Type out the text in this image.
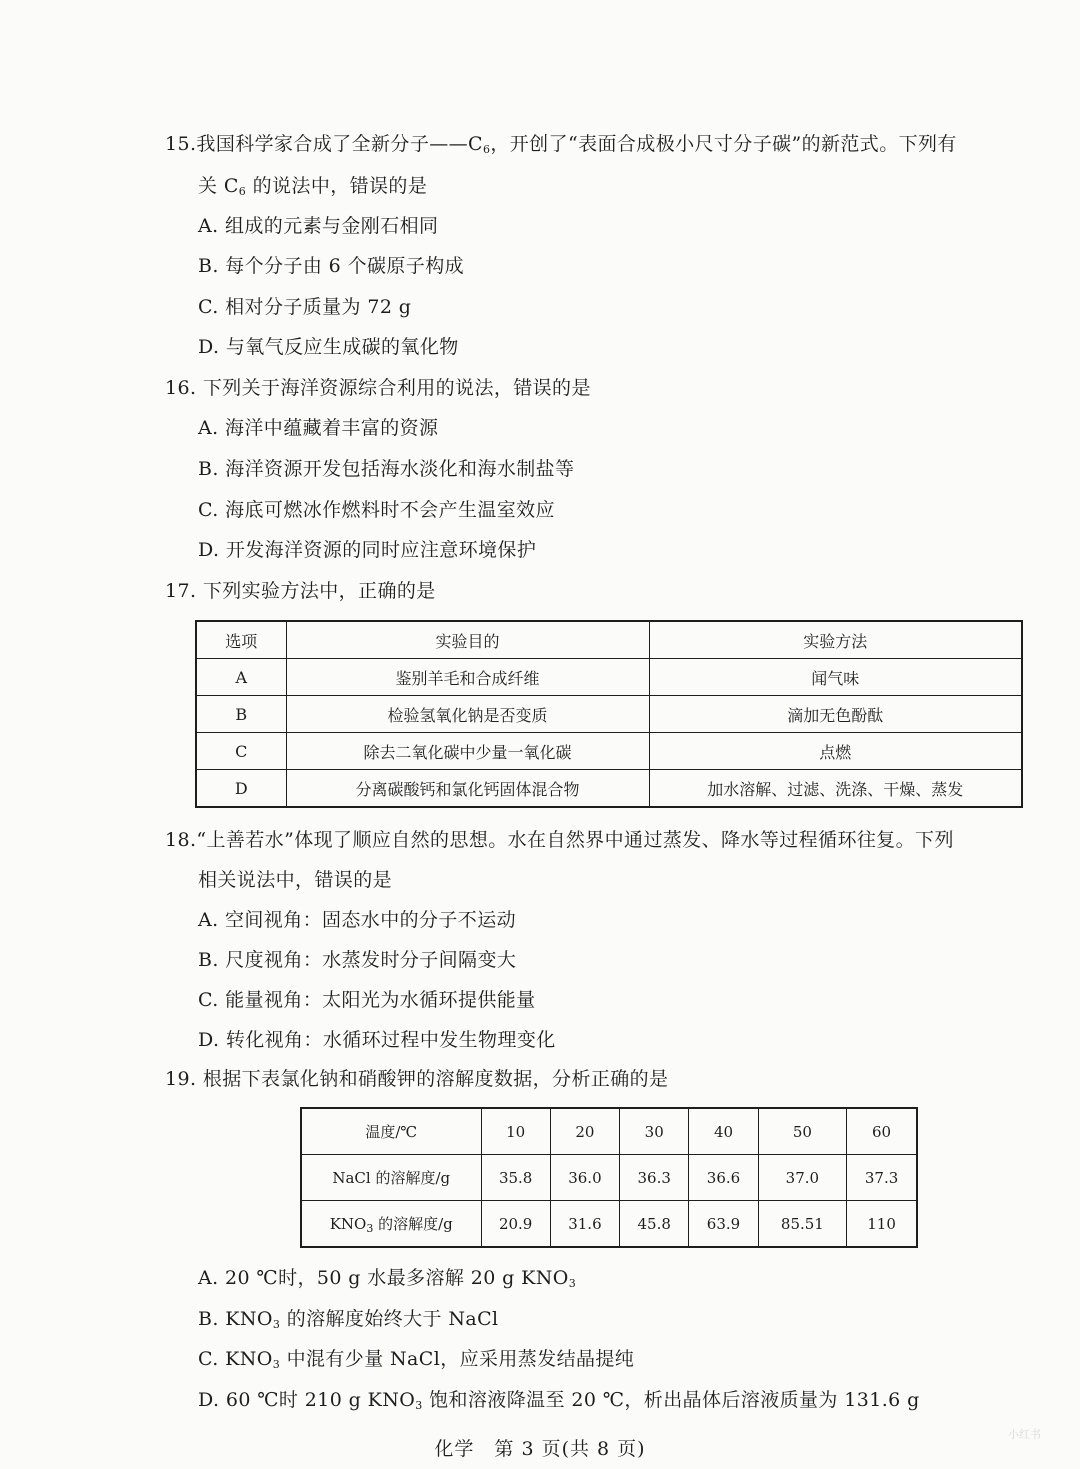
15.我国科学家合成了全新分子$——C_6$，开创了“表面合成极小尺寸分子碳”的新范式。下列有
关 $C_6$ 的说法中，错误的是
A. 组成的元素与金刚石相同
B. 每个分子由 6 个碳原子构成
C. 相对分子质量为 72 g
D. 与氧气反应生成碳的氧化物
16. 下列关于海洋资源综合利用的说法，错误的是
A. 海洋中蕴藏着丰富的资源
B. 海洋资源开发包括海水淡化和海水制盐等
C. 海底可燃冰作燃料时不会产生温室效应
D. 开发海洋资源的同时应注意环境保护
17. 下列实验方法中，正确的是
选项	实验目的	实验方法
A	鉴别羊毛和合成纤维	闻气味
B	检验氢氧化钠是否变质	滴加无色酚酞
C	除去二氧化碳中少量一氧化碳	点燃
D	分离碳酸钙和氯化钙固体混合物	加水溶解、过滤、洗涤、干燥、蒸发
18.“上善若水”体现了顺应自然的思想。水在自然界中通过蒸发、降水等过程循环往复。下列
相关说法中，错误的是
A. 空间视角：固态水中的分子不运动
B. 尺度视角：水蒸发时分子间隔变大
C. 能量视角：太阳光为水循环提供能量
D. 转化视角：水循环过程中发生物理变化
19. 根据下表氯化钠和硝酸钾的溶解度数据，分析正确的是
温度/℃	10	20	30	40	50	60
NaCl 的溶解度/g	35.8	36.0	36.3	36.6	37.0	37.3
$KNO_3$ 的溶解度/g	20.9	31.6	45.8	63.9	85.51	110
A. 20 ℃时，50 g 水最多溶解 20 g $KNO_3$
B. $KNO_3$ 的溶解度始终大于 NaCl
C. $KNO_3$ 中混有少量 NaCl，应采用蒸发结晶提纯
D. 60 ℃时 210 g $KNO_3$ 饱和溶液降温至 20 ℃，析出晶体后溶液质量为 131.6 g
化学　第 3 页(共 8 页)
小红书
